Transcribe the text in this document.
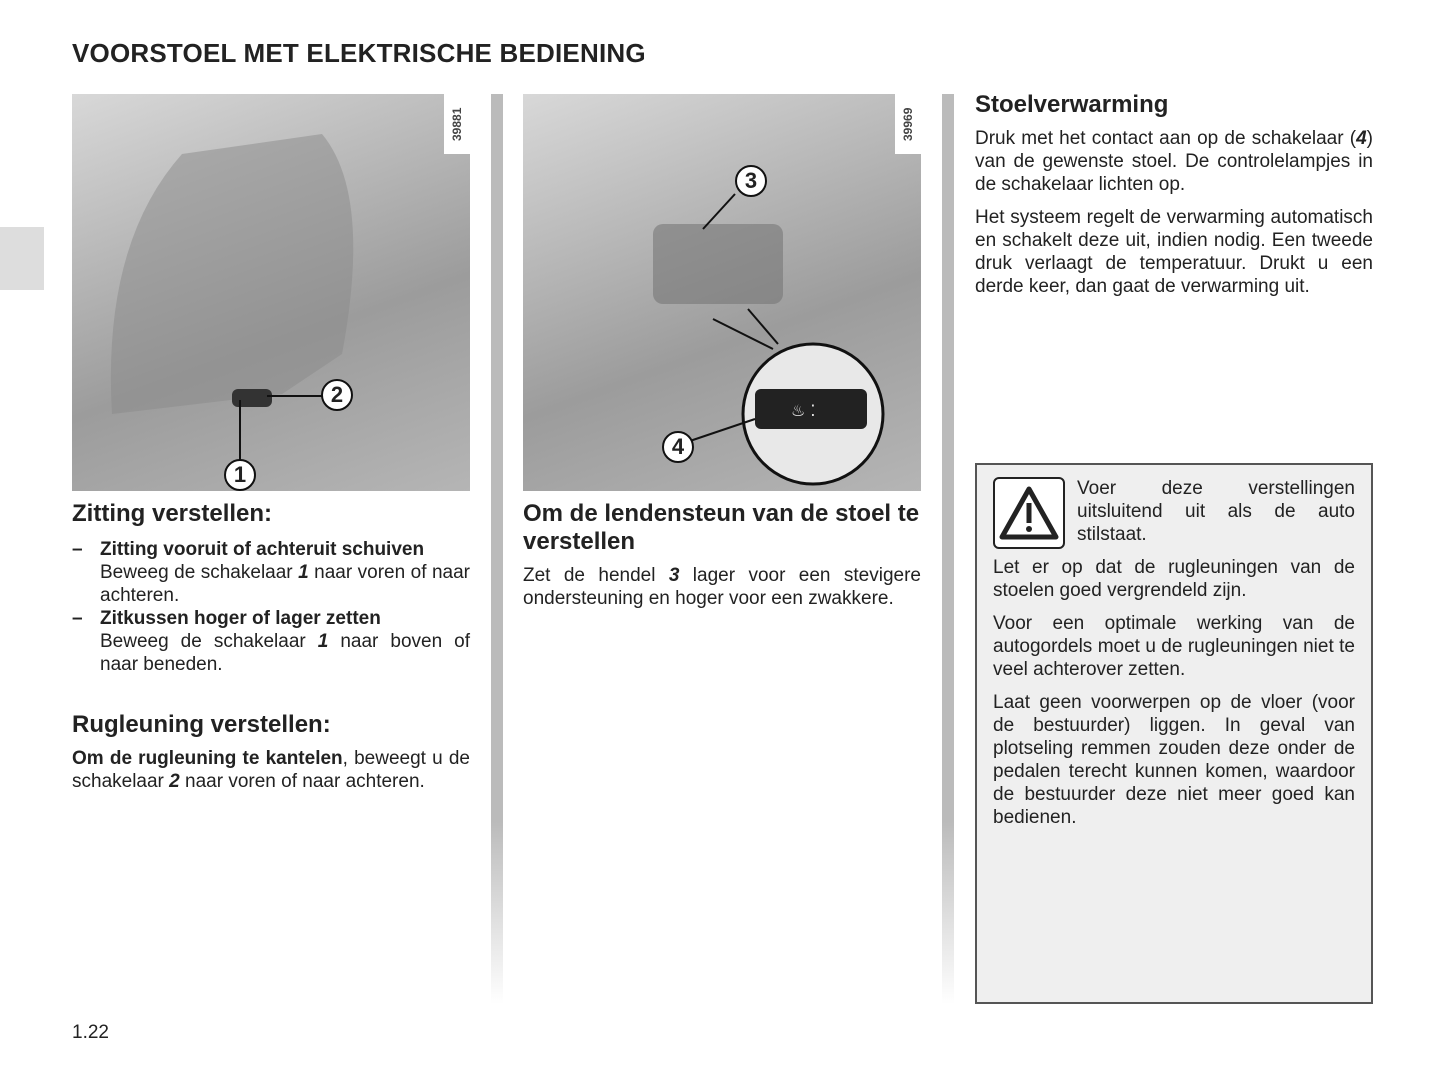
VOORSTOEL MET ELEKTRISCHE BEDIENING
39881
1
2
39969
♨ ⁚
3
4
Zitting verstellen:
– Zitting vooruit of achteruit schuiven
Beweeg de schakelaar 1 naar voren of naar achteren.
– Zitkussen hoger of lager zetten
Beweeg de schakelaar 1 naar boven of naar beneden.
Rugleuning verstellen:

Om de rugleuning te kantelen, beweegt u de schakelaar 2 naar voren of naar achteren.

Om de lendensteun van de stoel te verstellen

Zet de hendel 3 lager voor een stevigere ondersteuning en hoger voor een zwakkere.

Stoelverwarming

Druk met het contact aan op de schakelaar (4) van de gewenste stoel. De controlelampjes in de schakelaar lichten op.

Het systeem regelt de verwarming automatisch en schakelt deze uit, indien nodig. Een tweede druk verlaagt de temperatuur. Drukt u een derde keer, dan gaat de verwarming uit.

Voer deze verstellingen uitsluitend uit als de auto stilstaat.

Let er op dat de rugleuningen van de stoelen goed vergrendeld zijn.

Voor een optimale werking van de autogordels moet u de rugleuningen niet te veel achterover zetten.

Laat geen voorwerpen op de vloer (voor de bestuurder) liggen. In geval van plotseling remmen zouden deze onder de pedalen terecht kunnen komen, waardoor de bestuurder deze niet meer goed kan bedienen.

1.22
